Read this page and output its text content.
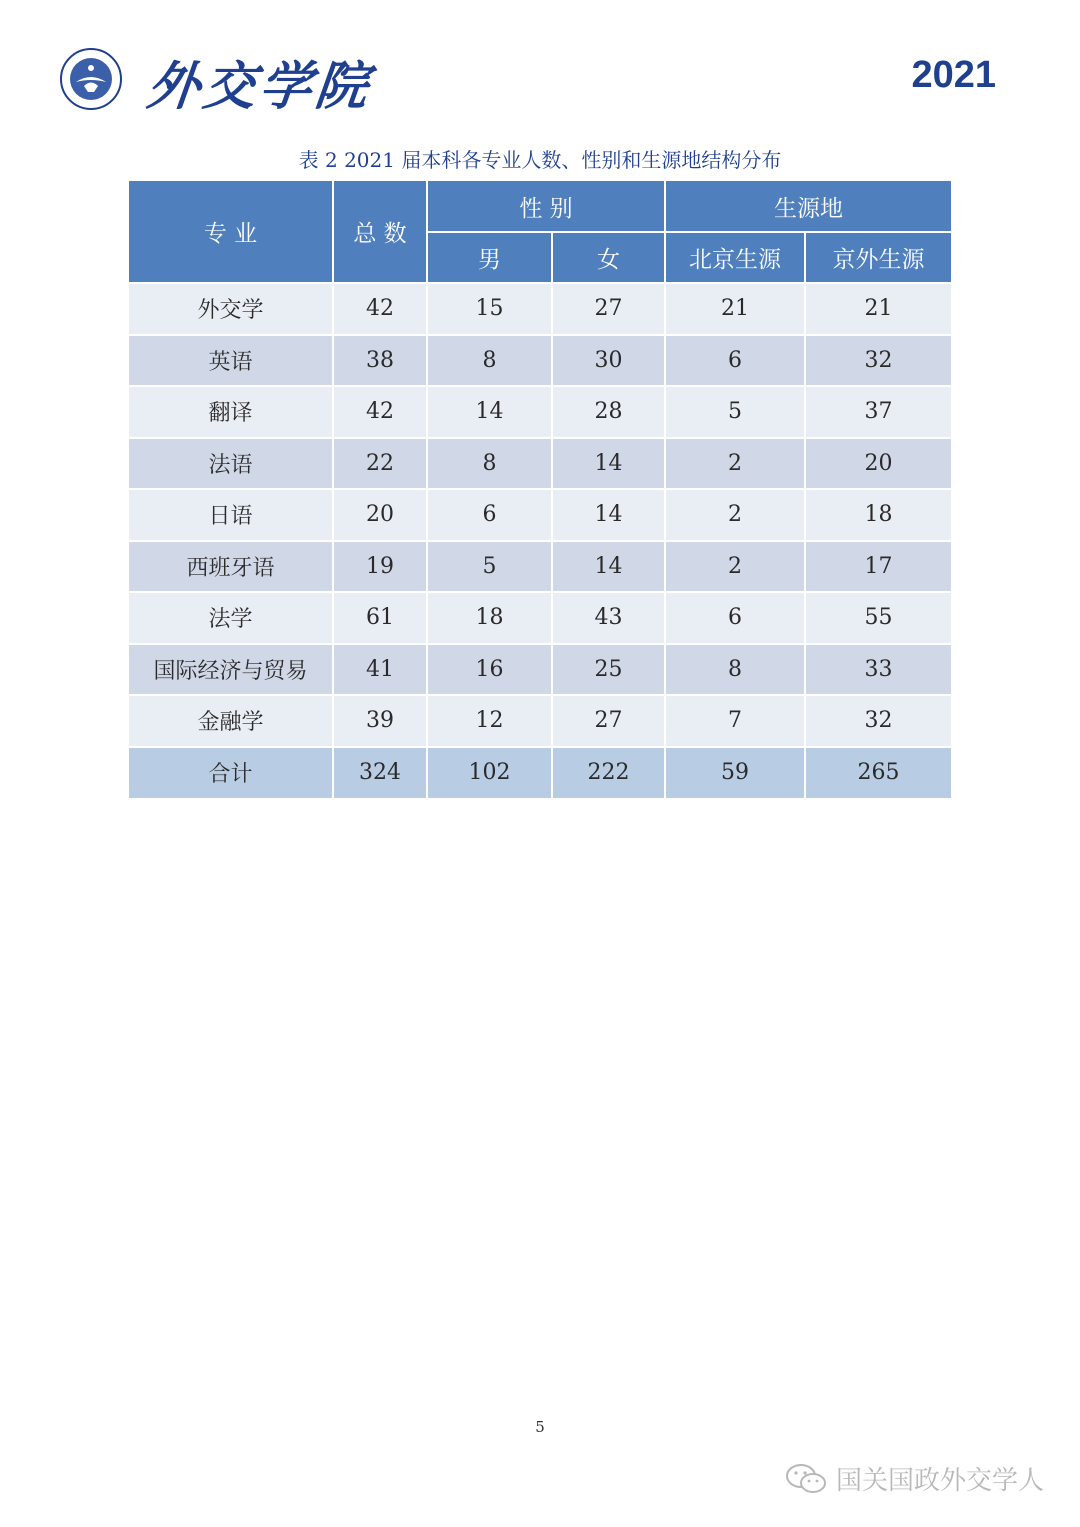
外交学院	2021
表 2 2021 届本科各专业人数、性别和生源地结构分布
专 业	总 数	性 别		生源地	
		男	女	北京生源	京外生源
外交学	42	15	27	21	21
英语	38	8	30	6	32
翻译	42	14	28	5	37
法语	22	8	14	2	20
日语	20	6	14	2	18
西班牙语	19	5	14	2	17
法学	61	18	43	6	55
国际经济与贸易	41	16	25	8	33
金融学	39	12	27	7	32
合计	324	102	222	59	265
5
国关国政外交学人
